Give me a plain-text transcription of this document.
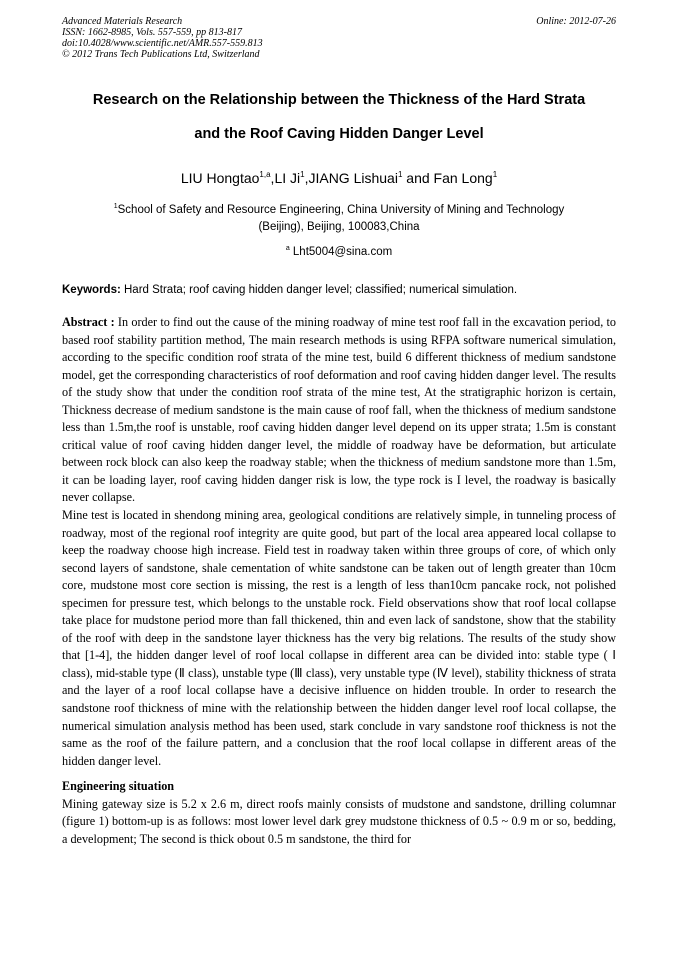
Advanced Materials Research
ISSN: 1662-8985, Vols. 557-559, pp 813-817
doi:10.4028/www.scientific.net/AMR.557-559.813
© 2012 Trans Tech Publications Ltd, Switzerland
Online: 2012-07-26
Research on the Relationship between the Thickness of the Hard Strata
and the Roof Caving Hidden Danger Level
LIU Hongtao$^{1,a}$,LI Ji$^1$,JIANG Lishuai$^1$ and Fan Long$^1$
$^1$School of Safety and Resource Engineering, China University of Mining and Technology
(Beijing), Beijing, 100083,China
$^a$ Lht5004@sina.com
Keywords: Hard Strata; roof caving hidden danger level; classified; numerical simulation.

Abstract : In order to find out the cause of the mining roadway of mine test roof fall in the excavation period, to based roof stability partition method, The main research methods is using RFPA software numerical simulation, according to the specific condition roof strata of the mine test, build 6 different thickness of medium sandstone model, get the corresponding characteristics of roof deformation and roof caving hidden danger level. The results of the study show that under the condition roof strata of the mine test, At the stratigraphic horizon is certain, Thickness decrease of medium sandstone is the main cause of roof fall, when the thickness of medium sandstone less than 1.5m,the roof is unstable, roof caving hidden danger level depend on its upper strata; 1.5m is constant critical value of roof caving hidden danger level, the middle of roadway have be deformation, but articulate between rock block can also keep the roadway stable; when the thickness of medium sandstone more than 1.5m, it can be loading layer, roof caving hidden danger risk is low, the type rock is I level, the roadway is basically never collapse.

Mine test is located in shendong mining area, geological conditions are relatively simple, in tunneling process of roadway, most of the regional roof integrity are quite good, but part of the local area appeared local collapse to keep the roadway choose high increase. Field test in roadway taken within three groups of core, of which only second layers of sandstone, shale cementation of white sandstone can be taken out of length greater than 10cm core, mudstone most core section is missing, the rest is a length of less than10cm pancake rock, not polished specimen for pressure test, which belongs to the unstable rock. Field observations show that roof local collapse take place for mudstone period more than fall thickened, thin and even lack of sandstone, show that the stability of the roof with deep in the sandstone layer thickness has the very big relations. The results of the study show that [1-4], the hidden danger level of roof local collapse in different area can be divided into: stable type ( Ⅰ class), mid-stable type (Ⅱ class), unstable type (Ⅲ class), very unstable type (Ⅳ level), stability thickness of strata and the layer of a roof local collapse have a decisive influence on hidden trouble. In order to research the sandstone roof thickness of mine with the relationship between the hidden danger level roof local collapse, the numerical simulation analysis method has been used, stark conclude in vary sandstone roof thickness is not the same as the roof of the failure pattern, and a conclusion that the roof local collapse in different areas of the hidden danger level.

Engineering situation

Mining gateway size is 5.2 x 2.6 m, direct roofs mainly consists of mudstone and sandstone, drilling columnar (figure 1) bottom-up is as follows: most lower level dark grey mudstone thickness of 0.5 ~ 0.9 m or so, bedding, a development; The second is thick obout 0.5 m sandstone, the third for
